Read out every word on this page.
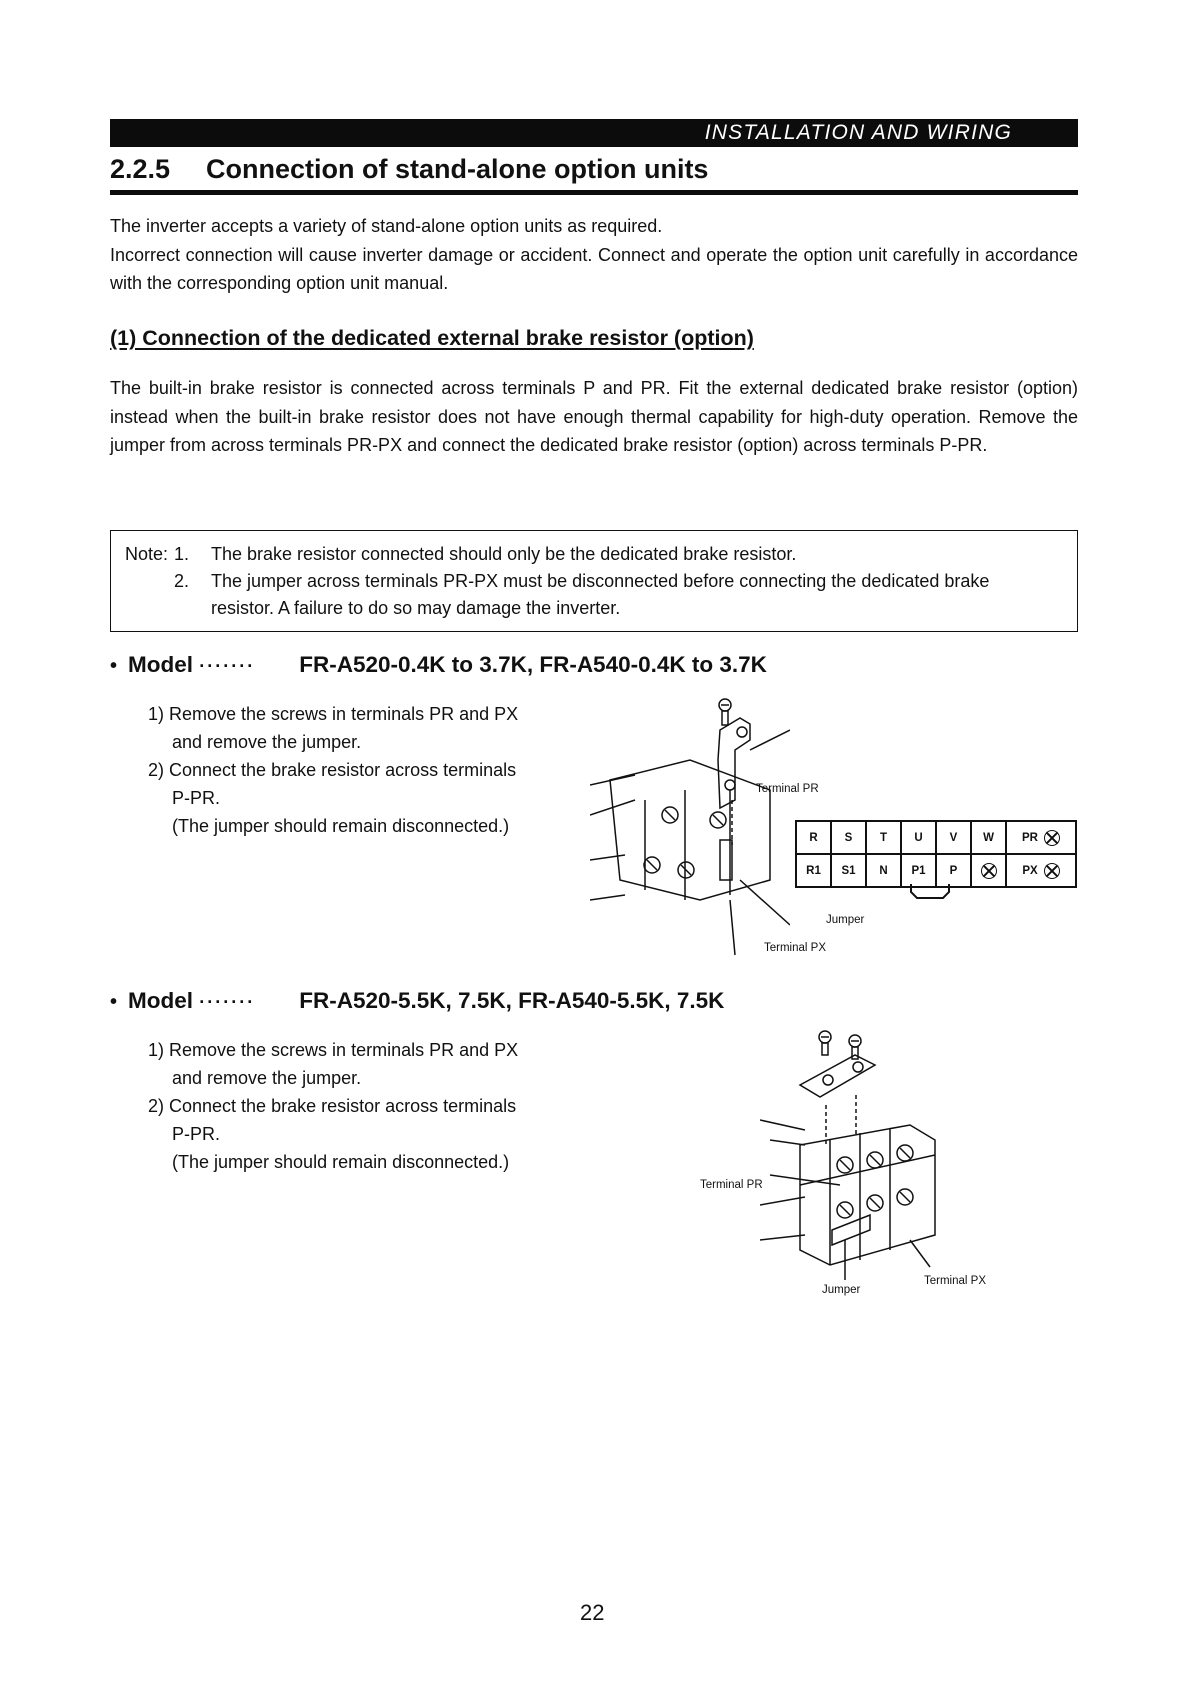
INSTALLATION AND WIRING
2.2.5 Connection of stand-alone option units

The inverter accepts a variety of stand-alone option units as required.

Incorrect connection will cause inverter damage or accident. Connect and operate the option unit carefully in accordance with the corresponding option unit manual.

(1) Connection of the dedicated external brake resistor (option)

The built-in brake resistor is connected across terminals P and PR. Fit the external dedicated brake resistor (option) instead when the built-in brake resistor does not have enough thermal capability for high-duty operation. Remove the jumper from across terminals PR-PX and connect the dedicated brake resistor (option) across terminals P-PR.

Note: 1. The brake resistor connected should only be the dedicated brake resistor.
2. The jumper across terminals PR-PX must be disconnected before connecting the dedicated brake
resistor. A failure to do so may damage the inverter.
• Model ······· FR-A520-0.4K to 3.7K, FR-A540-0.4K to 3.7K
1) Remove the screws in terminals PR and PX
and remove the jumper.
2) Connect the brake resistor across terminals
P-PR.
(The jumper should remain disconnected.)
Terminal PR
Jumper
Terminal PX
R	S	T	U	V	W	PR
R1	S1	N	P1	P		PX
• Model ······· FR-A520-5.5K, 7.5K, FR-A540-5.5K, 7.5K
1) Remove the screws in terminals PR and PX
and remove the jumper.
2) Connect the brake resistor across terminals
P-PR.
(The jumper should remain disconnected.)
Terminal PR
Jumper
Terminal PX
22
